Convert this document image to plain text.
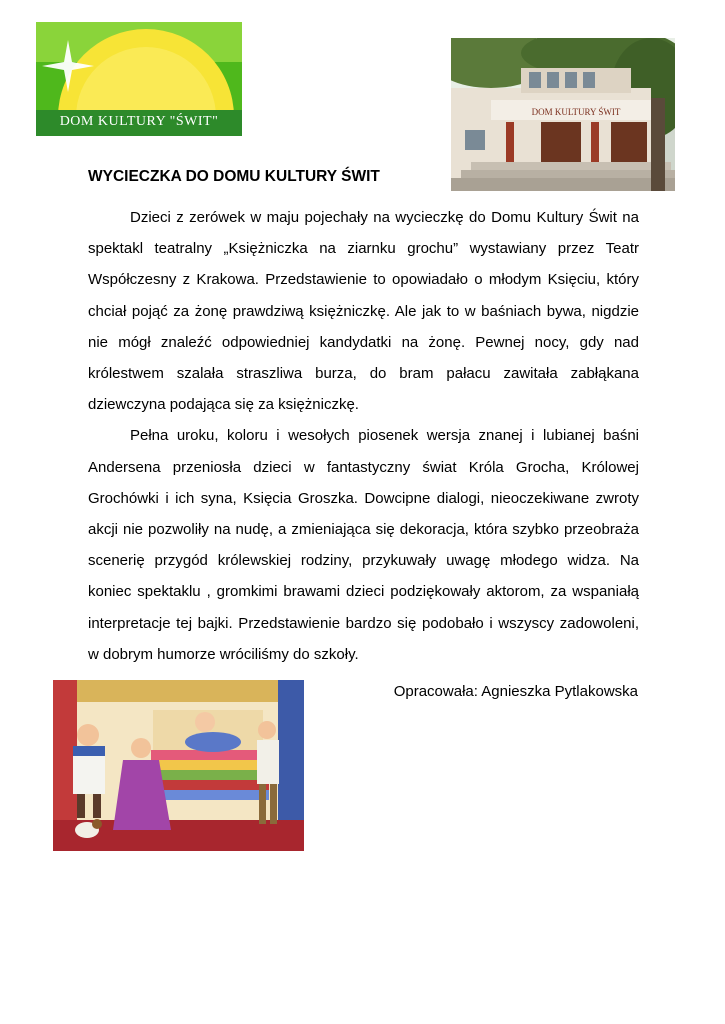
DOM KULTURY "ŚWIT"
DOM KULTURY ŚWIT
WYCIECZKA DO DOMU KULTURY ŚWIT

Dzieci z zerówek w maju pojechały na wycieczkę do Domu Kultury Świt na spektakl teatralny „Księżniczka na ziarnku grochu” wystawiany przez Teatr Współczesny z Krakowa. Przedstawienie to opowiadało o młodym Księciu, który chciał pojąć za żonę prawdziwą księżniczkę. Ale jak to w baśniach bywa, nigdzie nie mógł znaleźć odpowiedniej kandydatki na żonę. Pewnej nocy, gdy nad królestwem szalała straszliwa burza, do bram pałacu zawitała zabłąkana dziewczyna podająca się za księżniczkę.

Pełna uroku, koloru i wesołych piosenek wersja znanej i lubianej baśni Andersena przeniosła dzieci w fantastyczny świat Króla Grocha, Królowej Grochówki i ich syna, Księcia Groszka. Dowcipne dialogi, nieoczekiwane zwroty akcji nie pozwoliły na nudę, a zmieniająca się dekoracja, która szybko przeobraża scenerię przygód królewskiej rodziny, przykuwały uwagę młodego widza. Na koniec spektaklu , gromkimi brawami dzieci podziękowały aktorom, za wspaniałą interpretacje tej bajki. Przedstawienie bardzo się podobało i wszyscy zadowoleni, w dobrym humorze wróciliśmy do szkoły.

Opracowała: Agnieszka Pytlakowska
